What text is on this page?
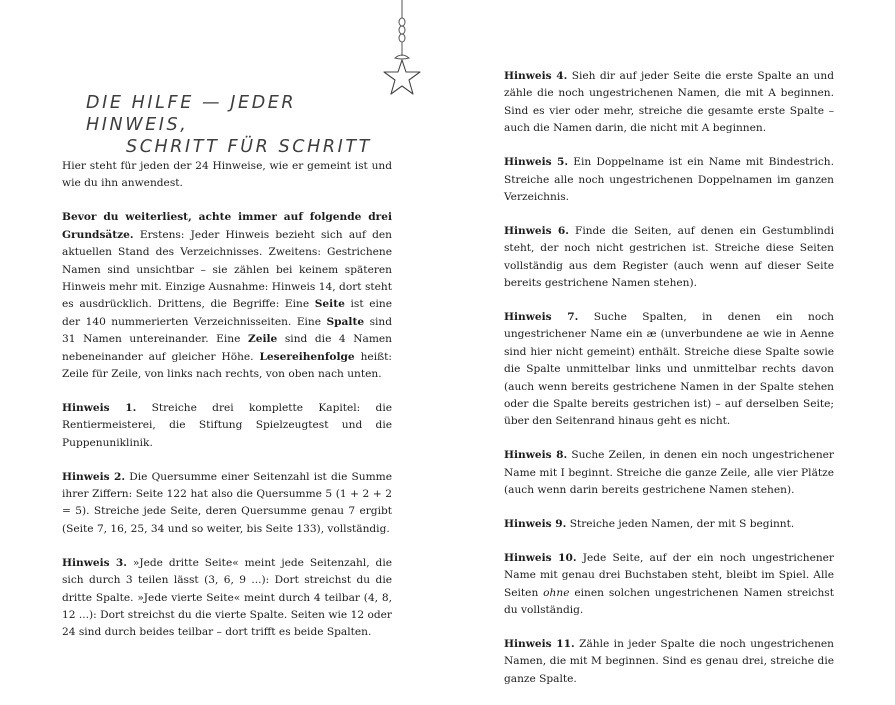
DIE HILFE — JEDER HINWEIS,
SCHRITT FÜR SCHRITT

Hier steht für jeden der 24 Hinweise, wie er gemeint ist und wie du ihn anwendest.

Bevor du weiterliest, achte immer auf folgende drei Grundsätze. Erstens: Jeder Hinweis bezieht sich auf den aktuellen Stand des Verzeichnisses. Zweitens: Gestrichene Namen sind unsichtbar – sie zählen bei keinem späteren Hinweis mehr mit. Einzige Ausnahme: Hinweis 14, dort steht es ausdrücklich. Drittens, die Begriffe: Eine Seite ist eine der 140 nummerierten Verzeichnisseiten. Eine Spalte sind 31 Namen untereinander. Eine Zeile sind die 4 Namen nebeneinander auf gleicher Höhe. Lesereihenfolge heißt: Zeile für Zeile, von links nach rechts, von oben nach unten.

Hinweis 1. Streiche drei komplette Kapitel: die Rentiermeisterei, die Stiftung Spielzeugtest und die Puppenuniklinik.

Hinweis 2. Die Quersumme einer Seitenzahl ist die Summe ihrer Ziffern: Seite 122 hat also die Quersumme 5 (1 + 2 + 2 = 5). Streiche jede Seite, deren Quersumme genau 7 ergibt (Seite 7, 16, 25, 34 und so weiter, bis Seite 133), vollständig.

Hinweis 3. »Jede dritte Seite« meint jede Seitenzahl, die sich durch 3 teilen lässt (3, 6, 9 ...): Dort streichst du die dritte Spalte. »Jede vierte Seite« meint durch 4 teilbar (4, 8, 12 ...): Dort streichst du die vierte Spalte. Seiten wie 12 oder 24 sind durch beides teilbar – dort trifft es beide Spalten.

Hinweis 4. Sieh dir auf jeder Seite die erste Spalte an und zähle die noch ungestrichenen Namen, die mit A beginnen. Sind es vier oder mehr, streiche die gesamte erste Spalte – auch die Namen darin, die nicht mit A beginnen.

Hinweis 5. Ein Doppelname ist ein Name mit Bindestrich. Streiche alle noch ungestrichenen Doppelnamen im ganzen Verzeichnis.

Hinweis 6. Finde die Seiten, auf denen ein Gestumblindi steht, der noch nicht gestrichen ist. Streiche diese Seiten vollständig aus dem Register (auch wenn auf dieser Seite bereits gestrichene Namen stehen).

Hinweis 7. Suche Spalten, in denen ein noch ungestrichener Name ein æ (unverbundene ae wie in Aenne sind hier nicht gemeint) enthält. Streiche diese Spalte sowie die Spalte unmittelbar links und unmittelbar rechts davon (auch wenn bereits gestrichene Namen in der Spalte stehen oder die Spalte bereits gestrichen ist) – auf derselben Seite; über den Seitenrand hinaus geht es nicht.

Hinweis 8. Suche Zeilen, in denen ein noch ungestrichener Name mit I beginnt. Streiche die ganze Zeile, alle vier Plätze (auch wenn darin bereits gestrichene Namen stehen).

Hinweis 9. Streiche jeden Namen, der mit S beginnt.

Hinweis 10. Jede Seite, auf der ein noch ungestrichener Name mit genau drei Buchstaben steht, bleibt im Spiel. Alle Seiten ohne einen solchen ungestrichenen Namen streichst du vollständig.

Hinweis 11. Zähle in jeder Spalte die noch ungestrichenen Namen, die mit M beginnen. Sind es genau drei, streiche die ganze Spalte.
